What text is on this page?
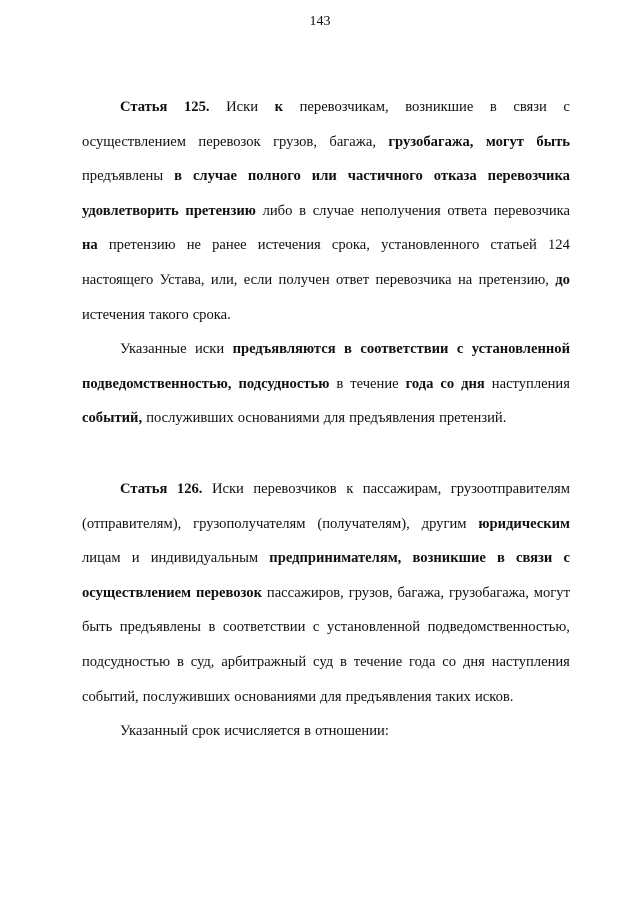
143
Статья 125. Иски к перевозчикам, возникшие в связи с
осуществлением перевозок грузов, багажа, грузобагажа, могут быть
предъявлены в случае полного или частичного отказа перевозчика
удовлетворить претензию либо в случае неполучения ответа перевозчика
на претензию не ранее истечения срока, установленного статьей 124
настоящего Устава, или, если получен ответ перевозчика на претензию, до
истечения такого срока.
Указанные иски предъявляются в соответствии с установленной
подведомственностью, подсудностью в течение года со дня наступления
событий, послуживших основаниями для предъявления претензий.
Статья 126. Иски перевозчиков к пассажирам, грузоотправителям
(отправителям), грузополучателям (получателям), другим юридическим
лицам и индивидуальным предпринимателям, возникшие в связи с
осуществлением перевозок пассажиров, грузов, багажа, грузобагажа, могут
быть предъявлены в соответствии с установленной подведомственностью,
подсудностью в суд, арбитражный суд в течение года со дня наступления
событий, послуживших основаниями для предъявления таких исков.
Указанный срок исчисляется в отношении:
